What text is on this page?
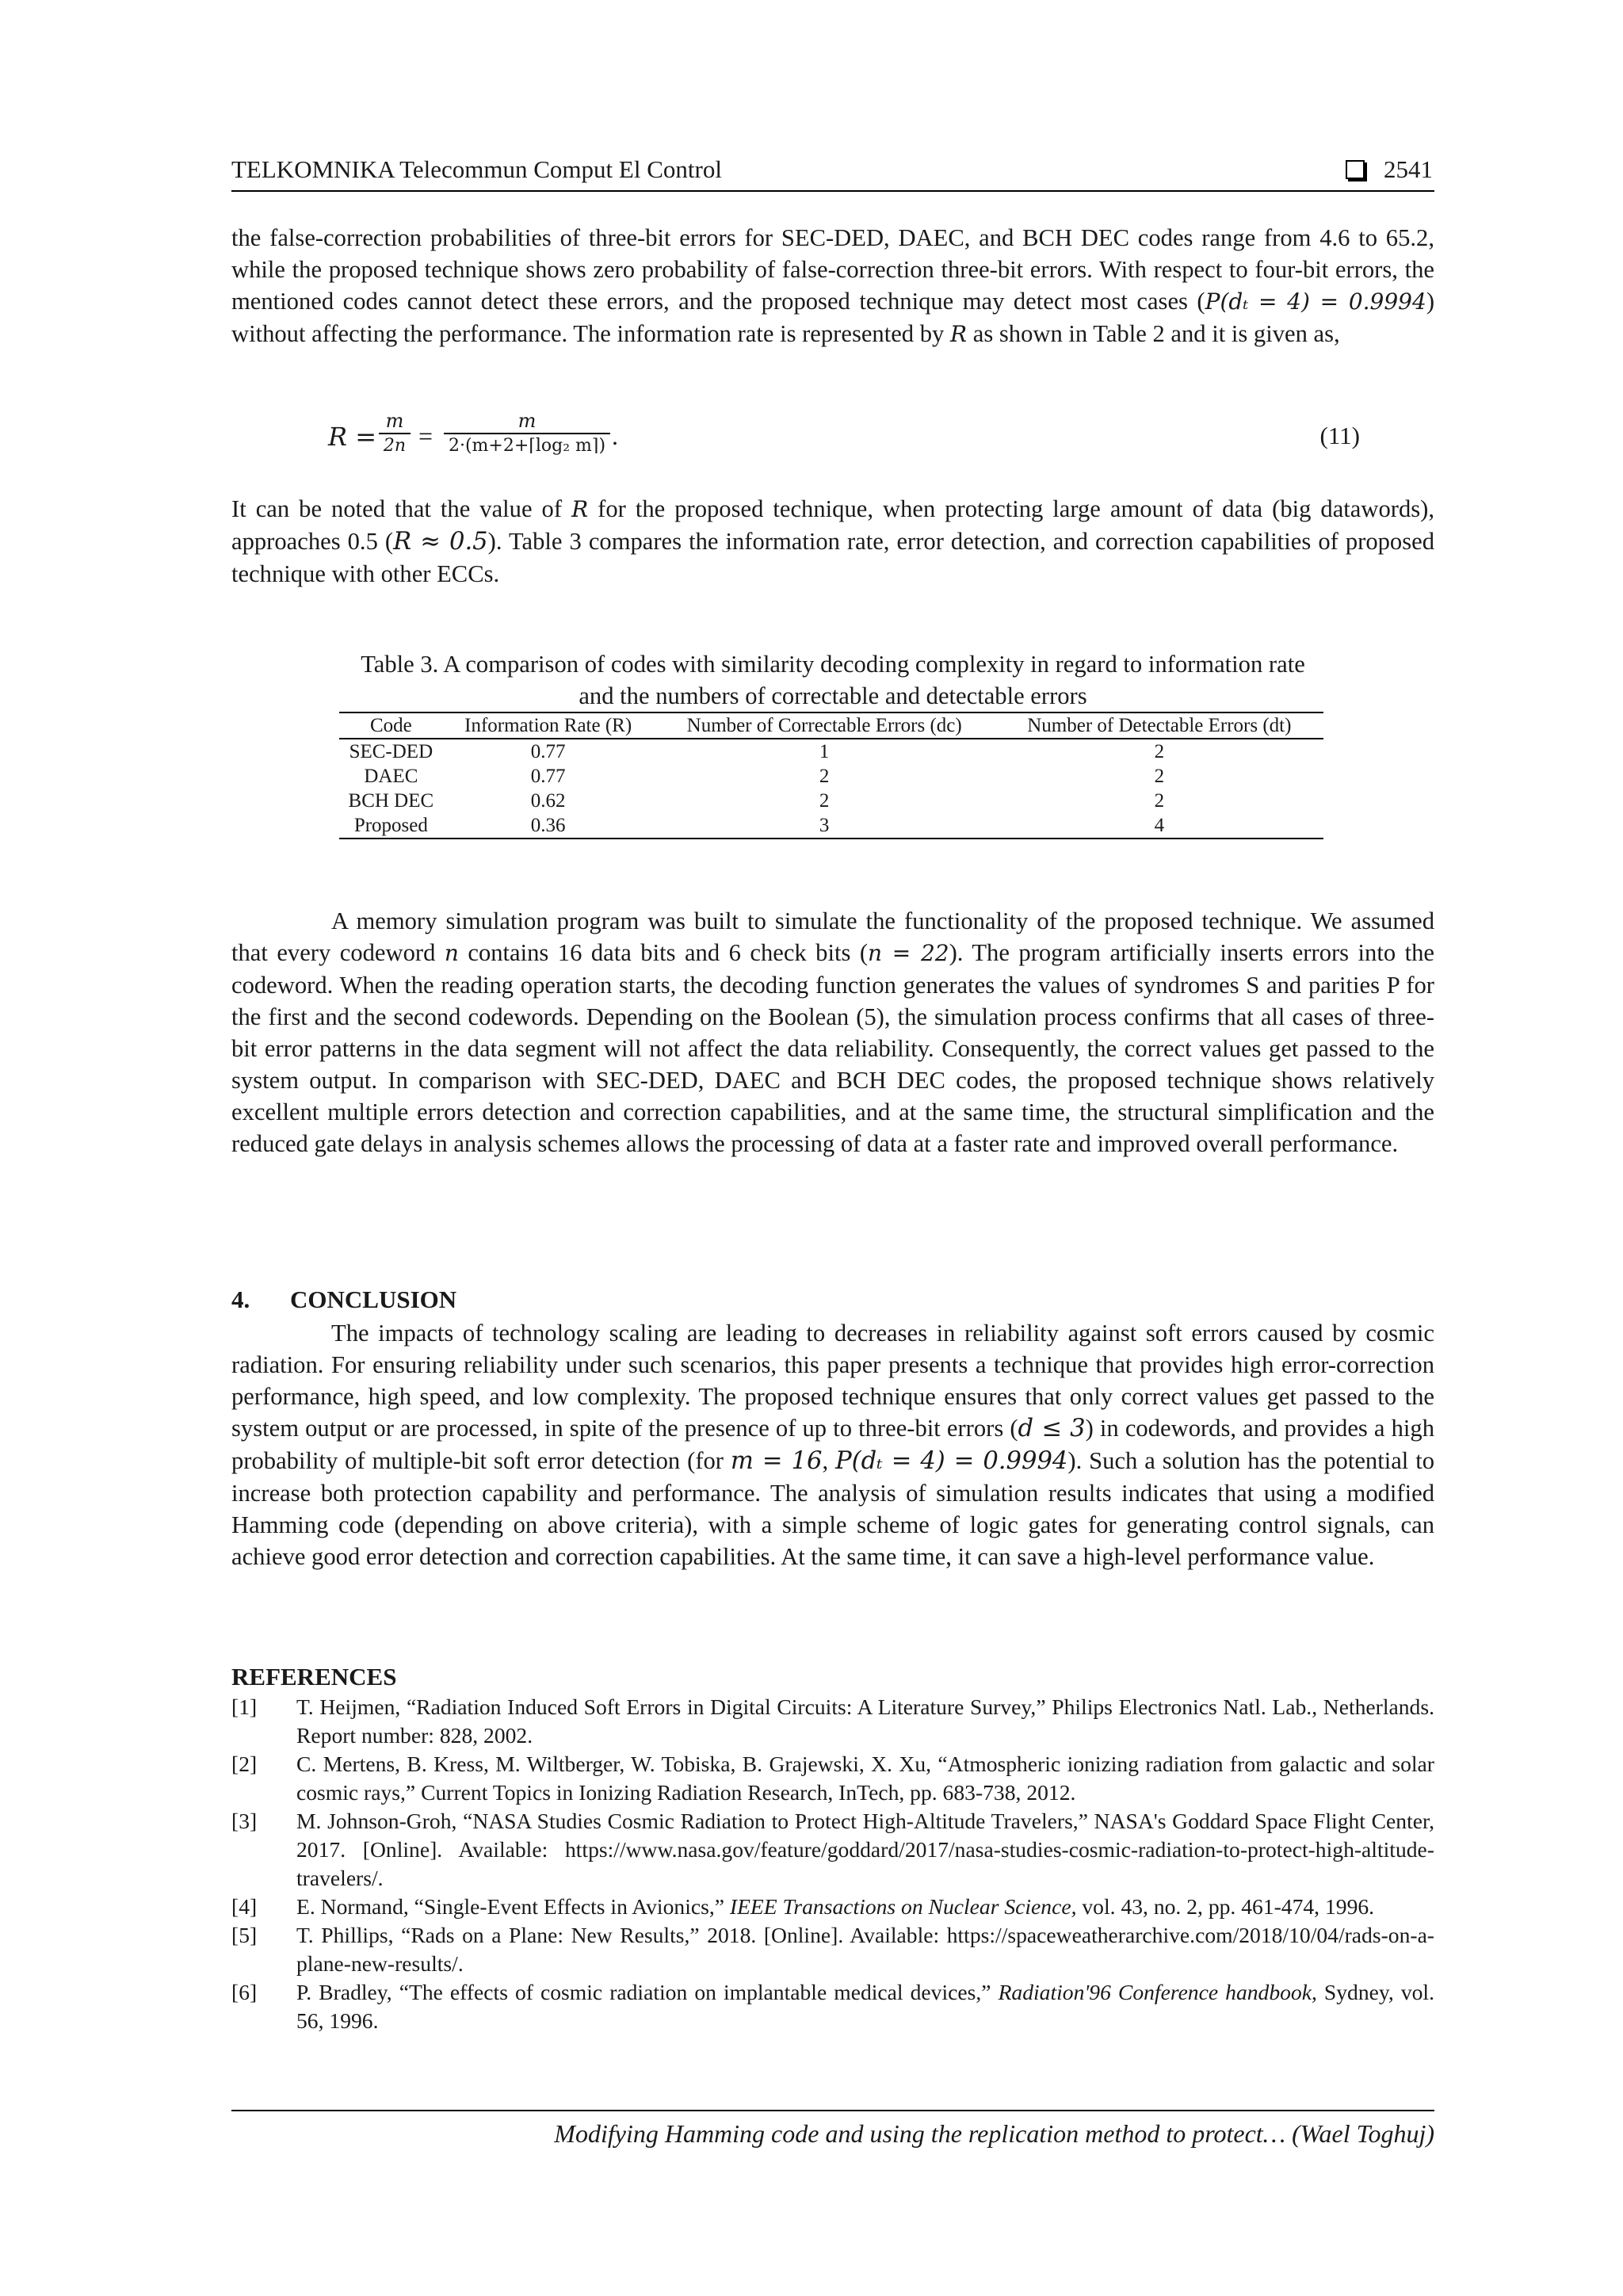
TELKOMNIKA Telecommun Comput El Control	2541

the false-correction probabilities of three-bit errors for SEC-DED, DAEC, and BCH DEC codes range from 4.6 to 65.2, while the proposed technique shows zero probability of false-correction three-bit errors. With respect to four-bit errors, the mentioned codes cannot detect these errors, and the proposed technique may detect most cases (P(dₜ = 4) = 0.9994) without affecting the performance. The information rate is represented by R as shown in Table 2 and it is given as,

$R = \frac{m}{2n} = \frac{m}{\text{2·(m+2+⌈log₂ m⌉)}}$ .	(11)

It can be noted that the value of R for the proposed technique, when protecting large amount of data (big datawords), approaches 0.5 (R ≈ 0.5). Table 3 compares the information rate, error detection, and correction capabilities of proposed technique with other ECCs.

Table 3. A comparison of codes with similarity decoding complexity in regard to information rate
and the numbers of correctable and detectable errors
Code	Information Rate (R)	Number of Correctable Errors (dc)	Number of Detectable Errors (dt)
SEC-DED	0.77	1	2
DAEC	0.77	2	2
BCH DEC	0.62	2	2
Proposed	0.36	3	4

A memory simulation program was built to simulate the functionality of the proposed technique. We assumed that every codeword n contains 16 data bits and 6 check bits (n = 22). The program artificially inserts errors into the codeword. When the reading operation starts, the decoding function generates the values of syndromes S and parities P for the first and the second codewords. Depending on the Boolean (5), the simulation process confirms that all cases of three-bit error patterns in the data segment will not affect the data reliability. Consequently, the correct values get passed to the system output. In comparison with SEC-DED, DAEC and BCH DEC codes, the proposed technique shows relatively excellent multiple errors detection and correction capabilities, and at the same time, the structural simplification and the reduced gate delays in analysis schemes allows the processing of data at a faster rate and improved overall performance.

4. CONCLUSION

The impacts of technology scaling are leading to decreases in reliability against soft errors caused by cosmic radiation. For ensuring reliability under such scenarios, this paper presents a technique that provides high error-correction performance, high speed, and low complexity. The proposed technique ensures that only correct values get passed to the system output or are processed, in spite of the presence of up to three-bit errors (d ≤ 3) in codewords, and provides a high probability of multiple-bit soft error detection (for m = 16, P(dₜ = 4) = 0.9994). Such a solution has the potential to increase both protection capability and performance. The analysis of simulation results indicates that using a modified Hamming code (depending on above criteria), with a simple scheme of logic gates for generating control signals, can achieve good error detection and correction capabilities. At the same time, it can save a high-level performance value.

REFERENCES
[1] T. Heijmen, “Radiation Induced Soft Errors in Digital Circuits: A Literature Survey,” Philips Electronics Natl. Lab., Netherlands. Report number: 828, 2002.
[2] C. Mertens, B. Kress, M. Wiltberger, W. Tobiska, B. Grajewski, X. Xu, “Atmospheric ionizing radiation from galactic and solar cosmic rays,” Current Topics in Ionizing Radiation Research, InTech, pp. 683-738, 2012.
[3] M. Johnson-Groh, “NASA Studies Cosmic Radiation to Protect High-Altitude Travelers,” NASA's Goddard Space Flight Center, 2017. [Online]. Available: https://www.nasa.gov/feature/goddard/2017/nasa-studies-cosmic-radiation-to-protect-high-altitude-travelers/.
[4] E. Normand, “Single-Event Effects in Avionics,” IEEE Transactions on Nuclear Science, vol. 43, no. 2, pp. 461-474, 1996.
[5] T. Phillips, “Rads on a Plane: New Results,” 2018. [Online]. Available: https://spaceweatherarchive.com/2018/10/04/rads-on-a-plane-new-results/.
[6] P. Bradley, “The effects of cosmic radiation on implantable medical devices,” Radiation'96 Conference handbook, Sydney, vol. 56, 1996.
Modifying Hamming code and using the replication method to protect… (Wael Toghuj)
